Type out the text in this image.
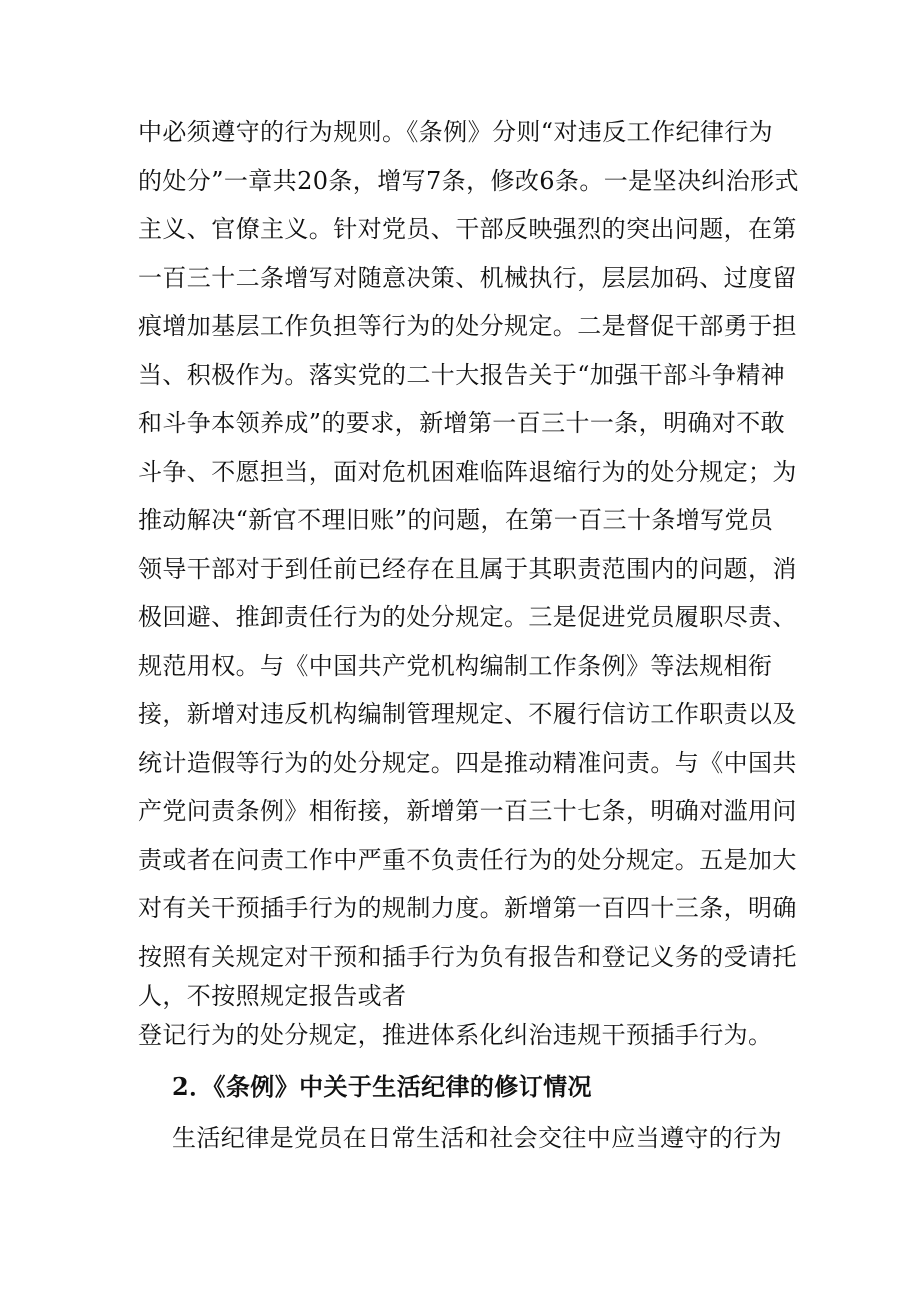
中必须遵守的行为规则。《条例》分则“对违反工作纪律行为
的处分”一章共20条，增写7条，修改6条。一是坚决纠治形式
主义、官僚主义。针对党员、干部反映强烈的突出问题，在第
一百三十二条增写对随意决策、机械执行，层层加码、过度留
痕增加基层工作负担等行为的处分规定。二是督促干部勇于担
当、积极作为。落实党的二十大报告关于“加强干部斗争精神
和斗争本领养成”的要求，新增第一百三十一条，明确对不敢
斗争、不愿担当，面对危机困难临阵退缩行为的处分规定；为
推动解决“新官不理旧账”的问题，在第一百三十条增写党员
领导干部对于到任前已经存在且属于其职责范围内的问题，消
极回避、推卸责任行为的处分规定。三是促进党员履职尽责、
规范用权。与《中国共产党机构编制工作条例》等法规相衔
接，新增对违反机构编制管理规定、不履行信访工作职责以及
统计造假等行为的处分规定。四是推动精准问责。与《中国共
产党问责条例》相衔接，新增第一百三十七条，明确对滥用问
责或者在问责工作中严重不负责任行为的处分规定。五是加大
对有关干预插手行为的规制力度。新增第一百四十三条，明确
按照有关规定对干预和插手行为负有报告和登记义务的受请托
人，不按照规定报告或者
登记行为的处分规定，推进体系化纠治违规干预插手行为。
2．《条例》中关于生活纪律的修订情况
生活纪律是党员在日常生活和社会交往中应当遵守的行为
